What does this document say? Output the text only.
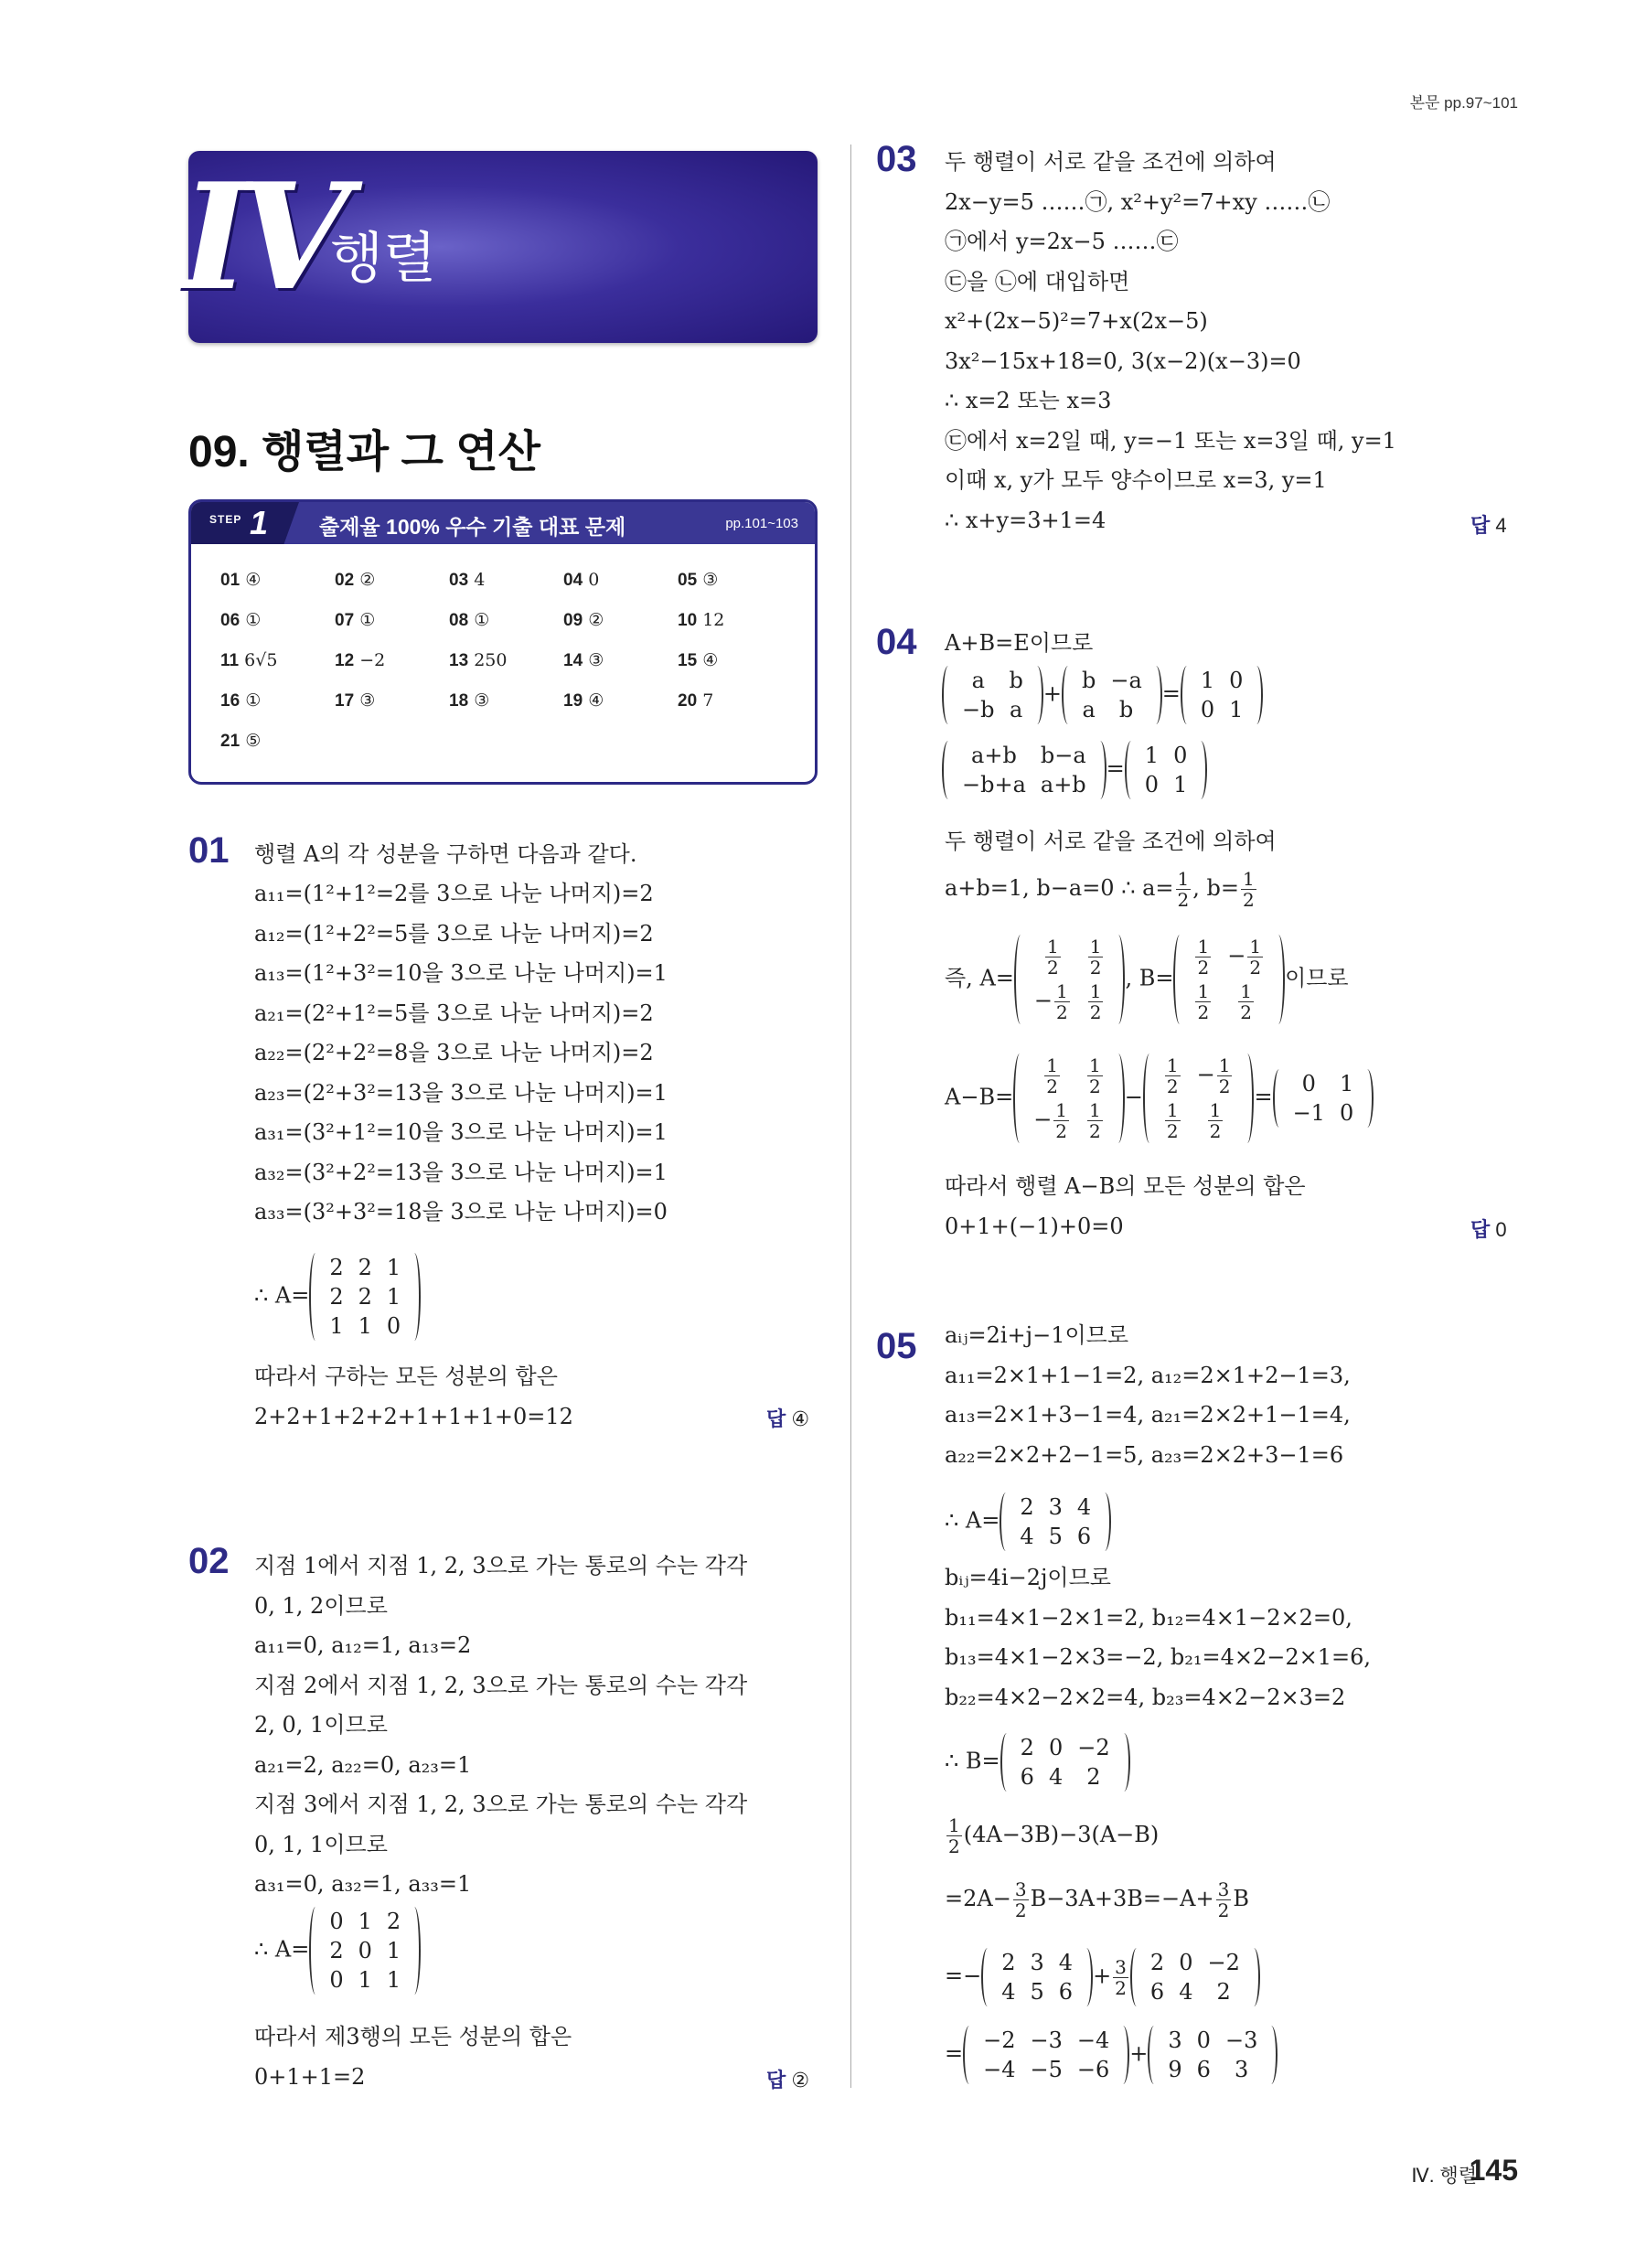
본문 pp.97~101
IV
행렬
09. 행렬과 그 연산
STEP 1 출제율 100% 우수 기출 대표 문제	pp.101~103
01 ④	02 ②	03 4	04 0	05 ③
06 ①	07 ①	08 ①	09 ②	10 12
11 6√5	12 −2	13 250	14 ③	15 ④
16 ①	17 ③	18 ③	19 ④	20 7
21 ⑤
01 행렬 A의 각 성분을 구하면 다음과 같다.
a₁₁=(1²+1²=2를 3으로 나눈 나머지)=2
a₁₂=(1²+2²=5를 3으로 나눈 나머지)=2
a₁₃=(1²+3²=10을 3으로 나눈 나머지)=1
a₂₁=(2²+1²=5를 3으로 나눈 나머지)=2
a₂₂=(2²+2²=8을 3으로 나눈 나머지)=2
a₂₃=(2²+3²=13을 3으로 나눈 나머지)=1
a₃₁=(3²+1²=10을 3으로 나눈 나머지)=1
a₃₂=(3²+2²=13을 3으로 나눈 나머지)=1
a₃₃=(3²+3²=18을 3으로 나눈 나머지)=0
∴ A=
2	2	1
2	2	1
1	1	0
따라서 구하는 모든 성분의 합은
2+2+1+2+2+1+1+1+0=12	답 ④
02 지점 1에서 지점 1, 2, 3으로 가는 통로의 수는 각각
0, 1, 2이므로
a₁₁=0, a₁₂=1, a₁₃=2
지점 2에서 지점 1, 2, 3으로 가는 통로의 수는 각각
2, 0, 1이므로
a₂₁=2, a₂₂=0, a₂₃=1
지점 3에서 지점 1, 2, 3으로 가는 통로의 수는 각각
0, 1, 1이므로
a₃₁=0, a₃₂=1, a₃₃=1
∴ A=
0	1	2
2	0	1
0	1	1
따라서 제3행의 모든 성분의 합은
0+1+1=2	답 ②
03 두 행렬이 서로 같을 조건에 의하여
2x−y=5 ……㉠, x²+y²=7+xy ……㉡
㉠에서 y=2x−5 ……㉢
㉢을 ㉡에 대입하면
x²+(2x−5)²=7+x(2x−5)
3x²−15x+18=0, 3(x−2)(x−3)=0
∴ x=2 또는 x=3
㉢에서 x=2일 때, y=−1 또는 x=3일 때, y=1
이때 x, y가 모두 양수이므로 x=3, y=1
∴ x+y=3+1=4	답 4
04 A+B=E이므로
a	b
−b	a
+
b	−a
a	b
=
1	0
0	1
a+b	b−a
−b+a	a+b
=
1	0
0	1
두 행렬이 서로 같을 조건에 의하여
a+b=1, b−a=0 ∴ $a= \frac{1}{2}$ , $b= \frac{1}{2}$
즉, A=
$\frac{1}{2}$	$\frac{1}{2}$

− $\frac{1}{2}$	$\frac{1}{2}$
, B=
$\frac{1}{2}$	− $\frac{1}{2}$

$\frac{1}{2}$	$\frac{1}{2}$
이므로
A−B=
$\frac{1}{2}$	$\frac{1}{2}$

− $\frac{1}{2}$	$\frac{1}{2}$
−
$\frac{1}{2}$	− $\frac{1}{2}$

$\frac{1}{2}$	$\frac{1}{2}$
=
0	1
−1	0
따라서 행렬 A−B의 모든 성분의 합은
0+1+(−1)+0=0	답 0
05 aᵢⱼ=2i+j−1이므로
a₁₁=2×1+1−1=2, a₁₂=2×1+2−1=3,
a₁₃=2×1+3−1=4, a₂₁=2×2+1−1=4,
a₂₂=2×2+2−1=5, a₂₃=2×2+3−1=6
∴ A=
2	3	4
4	5	6
bᵢⱼ=4i−2j이므로
b₁₁=4×1−2×1=2, b₁₂=4×1−2×2=0,
b₁₃=4×1−2×3=−2, b₂₁=4×2−2×1=6,
b₂₂=4×2−2×2=4, b₂₃=4×2−2×3=2
∴ B=
2	0	−2
6	4	2
$\frac{1}{2} (4A-3B)-3(A-B)$
$=2A- \frac{3}{2} B-3A+3B=-A+ \frac{3}{2}$ B
=−
2	3	4
4	5	6
+ $\frac{3}{2} 2$	0	−2
6	4	2
=
−2	−3	−4
−4	−5	−6
+
3	0	−3
9	6	3
Ⅳ. 행렬
145
